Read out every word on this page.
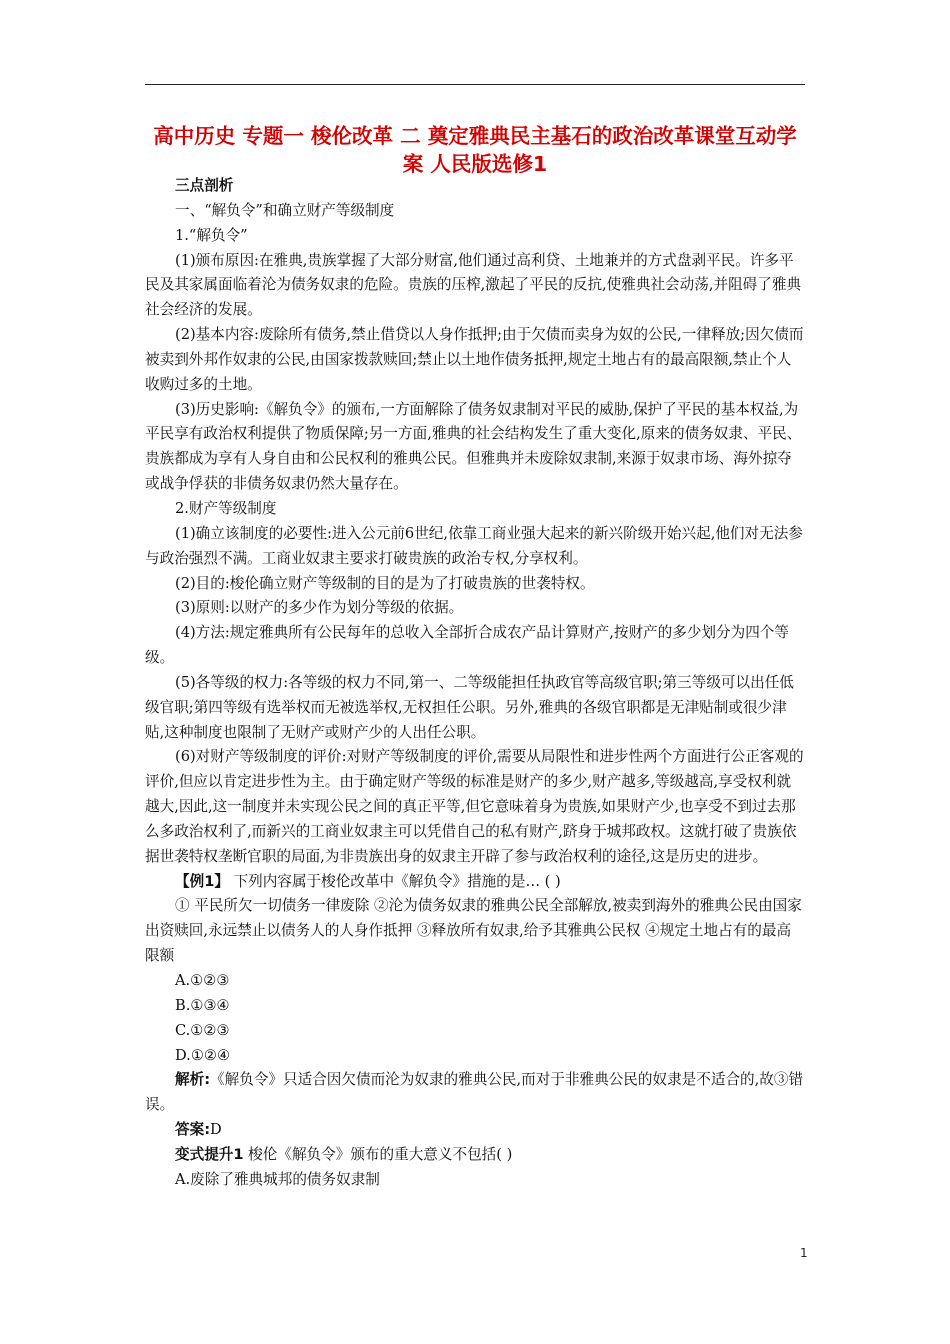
高中历史 专题一 梭伦改革 二 奠定雅典民主基石的政治改革课堂互动学案 人民版选修1

三点剖析

一、“解负令”和确立财产等级制度

1.“解负令”

(1)颁布原因:在雅典,贵族掌握了大部分财富,他们通过高利贷、土地兼并的方式盘剥平民。许多平民及其家属面临着沦为债务奴隶的危险。贵族的压榨,激起了平民的反抗,使雅典社会动荡,并阻碍了雅典社会经济的发展。

(2)基本内容:废除所有债务,禁止借贷以人身作抵押;由于欠债而卖身为奴的公民,一律释放;因欠债而被卖到外邦作奴隶的公民,由国家拨款赎回;禁止以土地作债务抵押,规定土地占有的最高限额,禁止个人收购过多的土地。

(3)历史影响:《解负令》的颁布,一方面解除了债务奴隶制对平民的威胁,保护了平民的基本权益,为平民享有政治权利提供了物质保障;另一方面,雅典的社会结构发生了重大变化,原来的债务奴隶、平民、贵族都成为享有人身自由和公民权利的雅典公民。但雅典并未废除奴隶制,来源于奴隶市场、海外掠夺或战争俘获的非债务奴隶仍然大量存在。

2.财产等级制度

(1)确立该制度的必要性:进入公元前6世纪,依靠工商业强大起来的新兴阶级开始兴起,他们对无法参与政治强烈不满。工商业奴隶主要求打破贵族的政治专权,分享权利。

(2)目的:梭伦确立财产等级制的目的是为了打破贵族的世袭特权。

(3)原则:以财产的多少作为划分等级的依据。

(4)方法:规定雅典所有公民每年的总收入全部折合成农产品计算财产,按财产的多少划分为四个等级。

(5)各等级的权力:各等级的权力不同,第一、二等级能担任执政官等高级官职;第三等级可以出任低级官职;第四等级有选举权而无被选举权,无权担任公职。另外,雅典的各级官职都是无津贴制或很少津贴,这种制度也限制了无财产或财产少的人出任公职。

(6)对财产等级制度的评价:对财产等级制度的评价,需要从局限性和进步性两个方面进行公正客观的评价,但应以肯定进步性为主。由于确定财产等级的标准是财产的多少,财产越多,等级越高,享受权利就越大,因此,这一制度并未实现公民之间的真正平等,但它意味着身为贵族,如果财产少,也享受不到过去那么多政治权利了,而新兴的工商业奴隶主可以凭借自己的私有财产,跻身于城邦政权。这就打破了贵族依据世袭特权垄断官职的局面,为非贵族出身的奴隶主开辟了参与政治权利的途径,这是历史的进步。

【例1】 下列内容属于梭伦改革中《解负令》措施的是… ( )

① 平民所欠一切债务一律废除 ②沦为债务奴隶的雅典公民全部解放,被卖到海外的雅典公民由国家出资赎回,永远禁止以债务人的人身作抵押 ③释放所有奴隶,给予其雅典公民权 ④规定土地占有的最高限额

A.①②③

B.①③④

C.①②③

D.①②④

解析:《解负令》只适合因欠债而沦为奴隶的雅典公民,而对于非雅典公民的奴隶是不适合的,故③错误。

答案:D

变式提升1 梭伦《解负令》颁布的重大意义不包括( )

A.废除了雅典城邦的债务奴隶制

1
